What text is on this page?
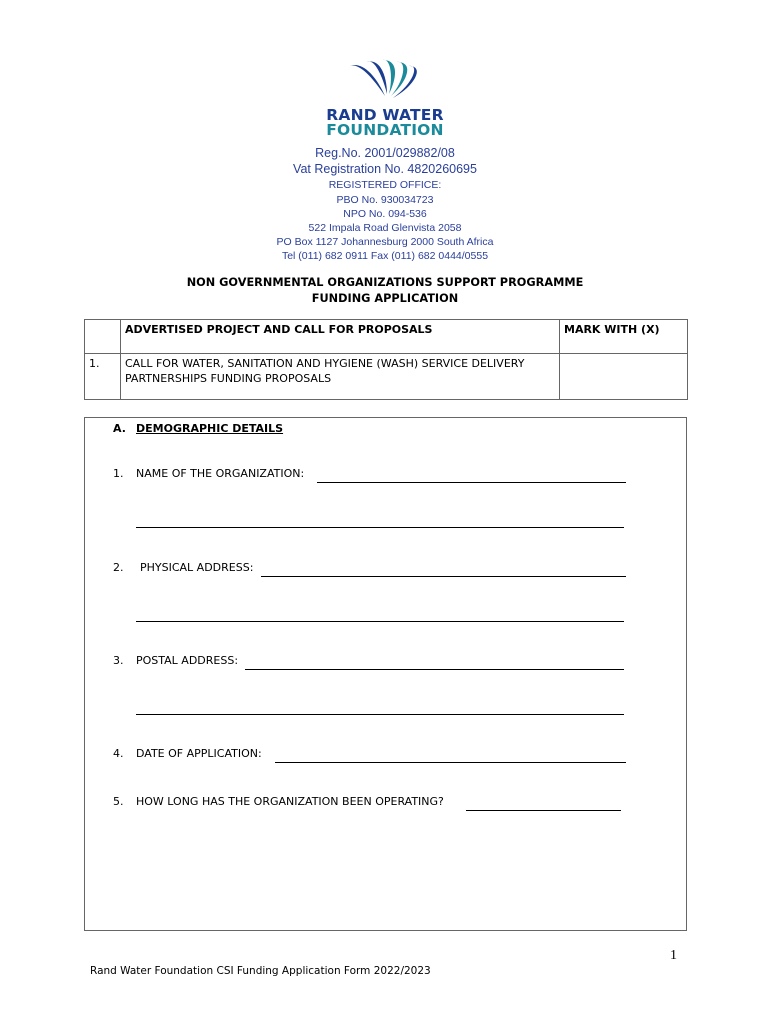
RAND WATER
FOUNDATION
Reg.No. 2001/029882/08
Vat Registration No. 4820260695
REGISTERED OFFICE:
PBO No. 930034723
NPO No. 094-536
522 Impala Road Glenvista 2058
PO Box 1127 Johannesburg 2000 South Africa
Tel (011) 682 0911 Fax (011) 682 0444/0555
NON GOVERNMENTAL ORGANIZATIONS SUPPORT PROGRAMME
FUNDING APPLICATION
	ADVERTISED PROJECT AND CALL FOR PROPOSALS	MARK WITH (X)
1.	CALL FOR WATER, SANITATION AND HYGIENE (WASH) SERVICE DELIVERY
PARTNERSHIPS FUNDING PROPOSALS	

A. DEMOGRAPHIC DETAILS
1. NAME OF THE ORGANIZATION:
2. PHYSICAL ADDRESS:
3. POSTAL ADDRESS:
4. DATE OF APPLICATION:
5. HOW LONG HAS THE ORGANIZATION BEEN OPERATING?
1
Rand Water Foundation CSI Funding Application Form 2022/2023
